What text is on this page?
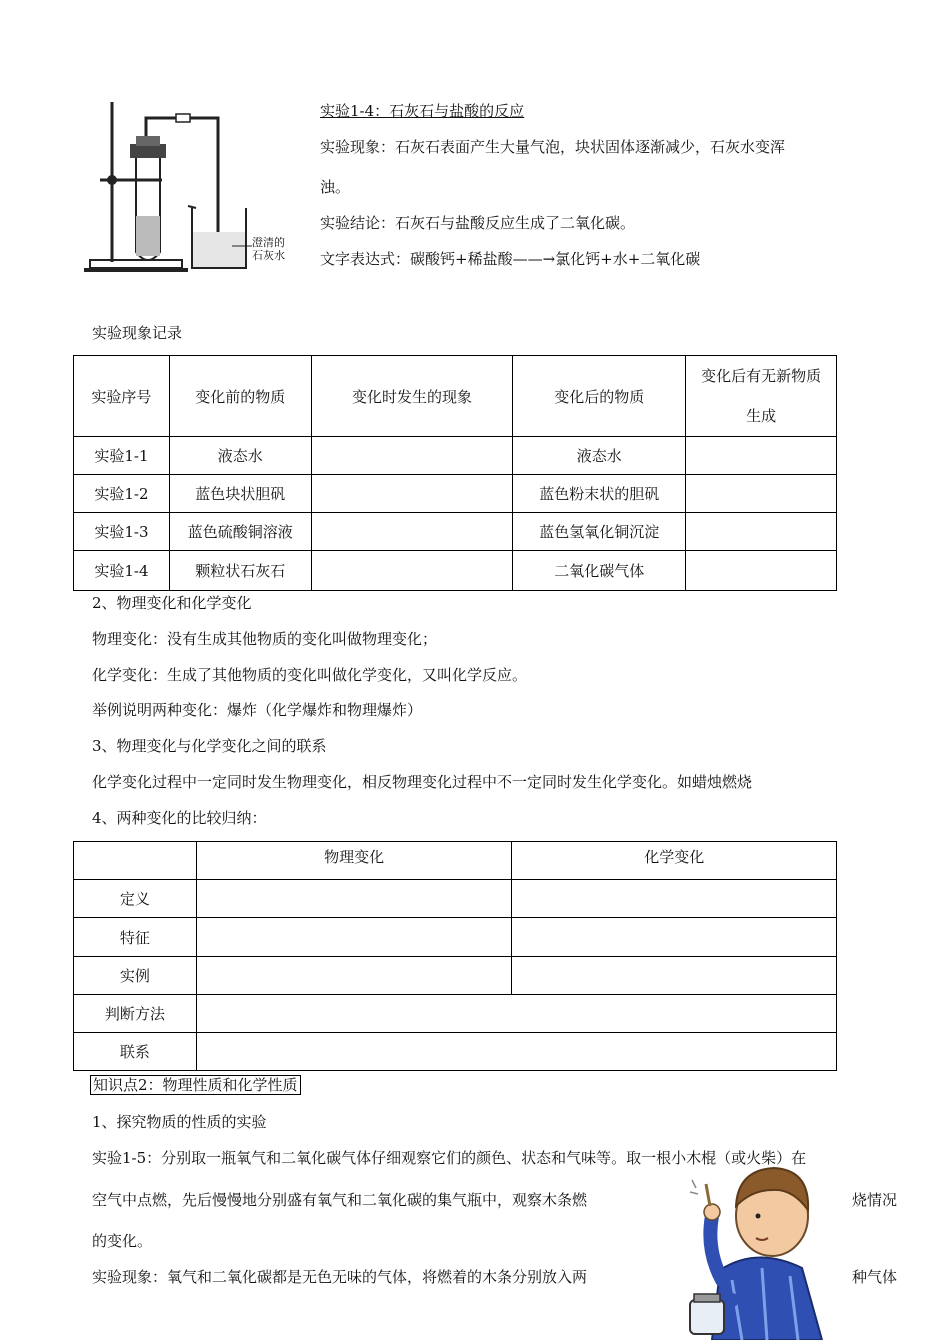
澄清的石灰水
实验1-4：石灰石与盐酸的反应
实验现象：石灰石表面产生大量气泡，块状固体逐渐减少，石灰水变浑
浊。
实验结论：石灰石与盐酸反应生成了二氧化碳。
文字表达式：碳酸钙+稀盐酸——→氯化钙+水+二氧化碳
实验现象记录
实验序号	变化前的物质	变化时发生的现象	变化后的物质	变化后有无新物质生成
实验1-1	液态水		液态水	
实验1-2	蓝色块状胆矾		蓝色粉末状的胆矾	
实验1-3	蓝色硫酸铜溶液		蓝色氢氧化铜沉淀	
实验1-4	颗粒状石灰石		二氧化碳气体	
2、物理变化和化学变化
物理变化：没有生成其他物质的变化叫做物理变化；
化学变化：生成了其他物质的变化叫做化学变化，又叫化学反应。
举例说明两种变化：爆炸（化学爆炸和物理爆炸）
3、物理变化与化学变化之间的联系
化学变化过程中一定同时发生物理变化，相反物理变化过程中不一定同时发生化学变化。如蜡烛燃烧
4、两种变化的比较归纳：
	物理变化	化学变化
定义		
特征		
实例		
判断方法		
联系		
知识点2：物理性质和化学性质
1、探究物质的性质的实验
实验1-5：分别取一瓶氧气和二氧化碳气体仔细观察它们的颜色、状态和气味等。取一根小木棍（或火柴）在
空气中点燃，先后慢慢地分别盛有氧气和二氧化碳的集气瓶中，观察木条燃	烧情况
的变化。
实验现象：氧气和二氧化碳都是无色无味的气体，将燃着的木条分别放入两	种气体
